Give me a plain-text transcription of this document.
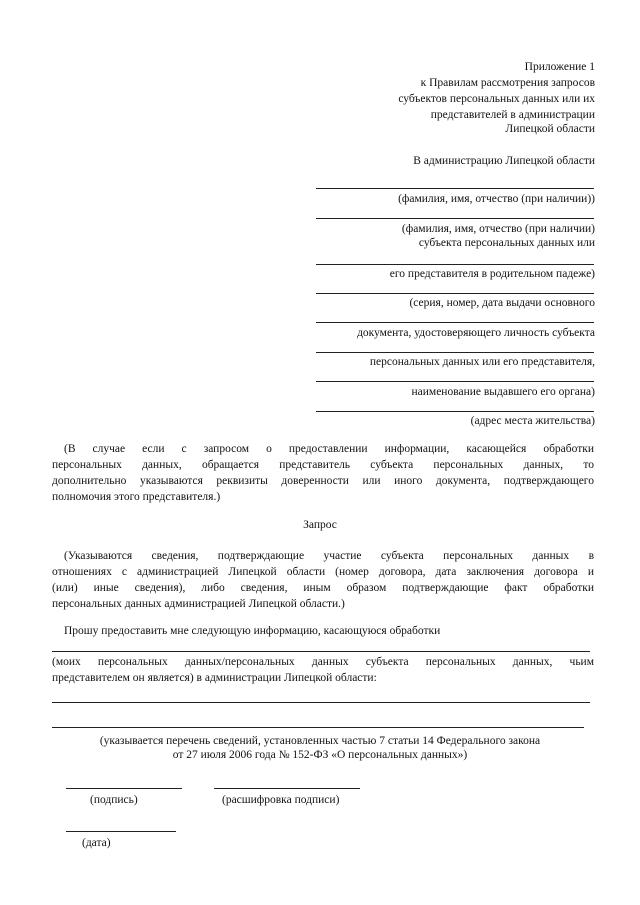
Приложение 1
к Правилам рассмотрения запросов
субъектов персональных данных или их
представителей в администрации
Липецкой области
В администрацию Липецкой области
(фамилия, имя, отчество (при наличии))
(фамилия, имя, отчество (при наличии)
субъекта персональных данных или
его представителя в родительном падеже)
(серия, номер, дата выдачи основного
документа, удостоверяющего личность субъекта
персональных данных или его представителя,
наименование выдавшего его органа)
(адрес места жительства)
(В случае если с запросом о предоставлении информации, касающейся обработки
персональных данных, обращается представитель субъекта персональных данных, то
дополнительно указываются реквизиты доверенности или иного документа, подтверждающего
полномочия этого представителя.)
Запрос
(Указываются сведения, подтверждающие участие субъекта персональных данных в
отношениях с администрацией Липецкой области (номер договора, дата заключения договора и
(или) иные сведения), либо сведения, иным образом подтверждающие факт обработки
персональных данных администрацией Липецкой области.)
Прошу предоставить мне следующую информацию, касающуюся обработки
(моих персональных данных/персональных данных субъекта персональных данных, чьим
представителем он является) в администрации Липецкой области:
(указывается перечень сведений, установленных частью 7 статьи 14 Федерального закона
от 27 июля 2006 года № 152-ФЗ «О персональных данных»)
(подпись)	(расшифровка подписи)
(дата)
